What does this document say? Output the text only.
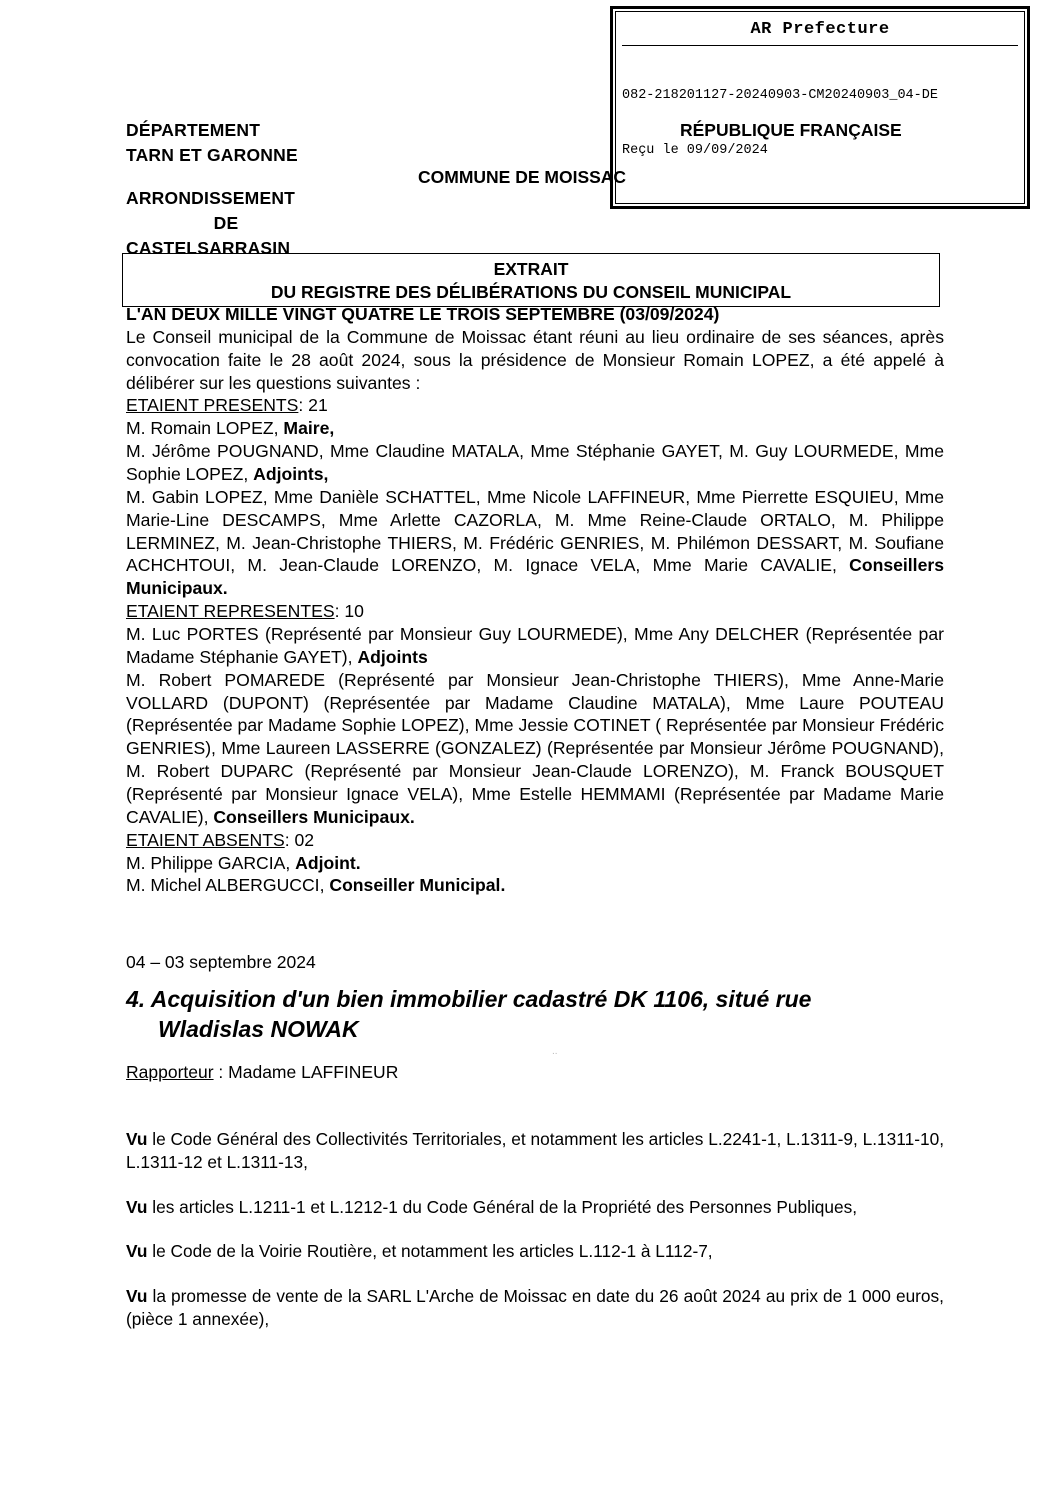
AR Prefecture

082-218201127-20240903-CM20240903_04-DE

Reçu le 09/09/2024

DÉPARTEMENT
TARN ET GARONNE
ARRONDISSEMENT
DE
CASTELSARRASIN
RÉPUBLIQUE FRANÇAISE
COMMUNE DE MOISSAC
EXTRAIT
DU REGISTRE DES DÉLIBÉRATIONS DU CONSEIL MUNICIPAL

L'AN DEUX MILLE VINGT QUATRE LE TROIS SEPTEMBRE (03/09/2024)

Le Conseil municipal de la Commune de Moissac étant réuni au lieu ordinaire de ses séances, après convocation faite le 28 août 2024, sous la présidence de Monsieur Romain LOPEZ, a été appelé à délibérer sur les questions suivantes :

ETAIENT PRESENTS: 21

M. Romain LOPEZ, Maire,

M. Jérôme POUGNAND, Mme Claudine MATALA, Mme Stéphanie GAYET, M. Guy LOURMEDE, Mme Sophie LOPEZ, Adjoints,

M. Gabin LOPEZ, Mme Danièle SCHATTEL, Mme Nicole LAFFINEUR, Mme Pierrette ESQUIEU, Mme Marie-Line DESCAMPS, Mme Arlette CAZORLA, M. Mme Reine-Claude ORTALO, M. Philippe LERMINEZ, M. Jean-Christophe THIERS, M. Frédéric GENRIES, M. Philémon DESSART, M. Soufiane ACHCHTOUI, M. Jean-Claude LORENZO, M. Ignace VELA, Mme Marie CAVALIE, Conseillers Municipaux.

ETAIENT REPRESENTES: 10

M. Luc PORTES (Représenté par Monsieur Guy LOURMEDE), Mme Any DELCHER (Représentée par Madame Stéphanie GAYET), Adjoints

M. Robert POMAREDE (Représenté par Monsieur Jean-Christophe THIERS), Mme Anne-Marie VOLLARD (DUPONT) (Représentée par Madame Claudine MATALA), Mme Laure POUTEAU (Représentée par Madame Sophie LOPEZ), Mme Jessie COTINET ( Représentée par Monsieur Frédéric GENRIES), Mme Laureen LASSERRE (GONZALEZ) (Représentée par Monsieur Jérôme POUGNAND), M. Robert DUPARC (Représenté par Monsieur Jean-Claude LORENZO), M. Franck BOUSQUET (Représenté par Monsieur Ignace VELA), Mme Estelle HEMMAMI (Représentée par Madame Marie CAVALIE), Conseillers Municipaux.

ETAIENT ABSENTS: 02

M. Philippe GARCIA, Adjoint.

M. Michel ALBERGUCCI, Conseiller Municipal.

04 – 03 septembre 2024
4. Acquisition d'un bien immobilier cadastré DK 1106, situé rue
Wladislas NOWAK
..
Rapporteur : Madame LAFFINEUR

Vu le Code Général des Collectivités Territoriales, et notamment les articles L.2241-1, L.1311-9, L.1311-10, L.1311-12 et L.1311-13,

Vu les articles L.1211-1 et L.1212-1 du Code Général de la Propriété des Personnes Publiques,

Vu le Code de la Voirie Routière, et notamment les articles L.112-1 à L112-7,

Vu la promesse de vente de la SARL L'Arche de Moissac en date du 26 août 2024 au prix de 1 000 euros, (pièce 1 annexée),
